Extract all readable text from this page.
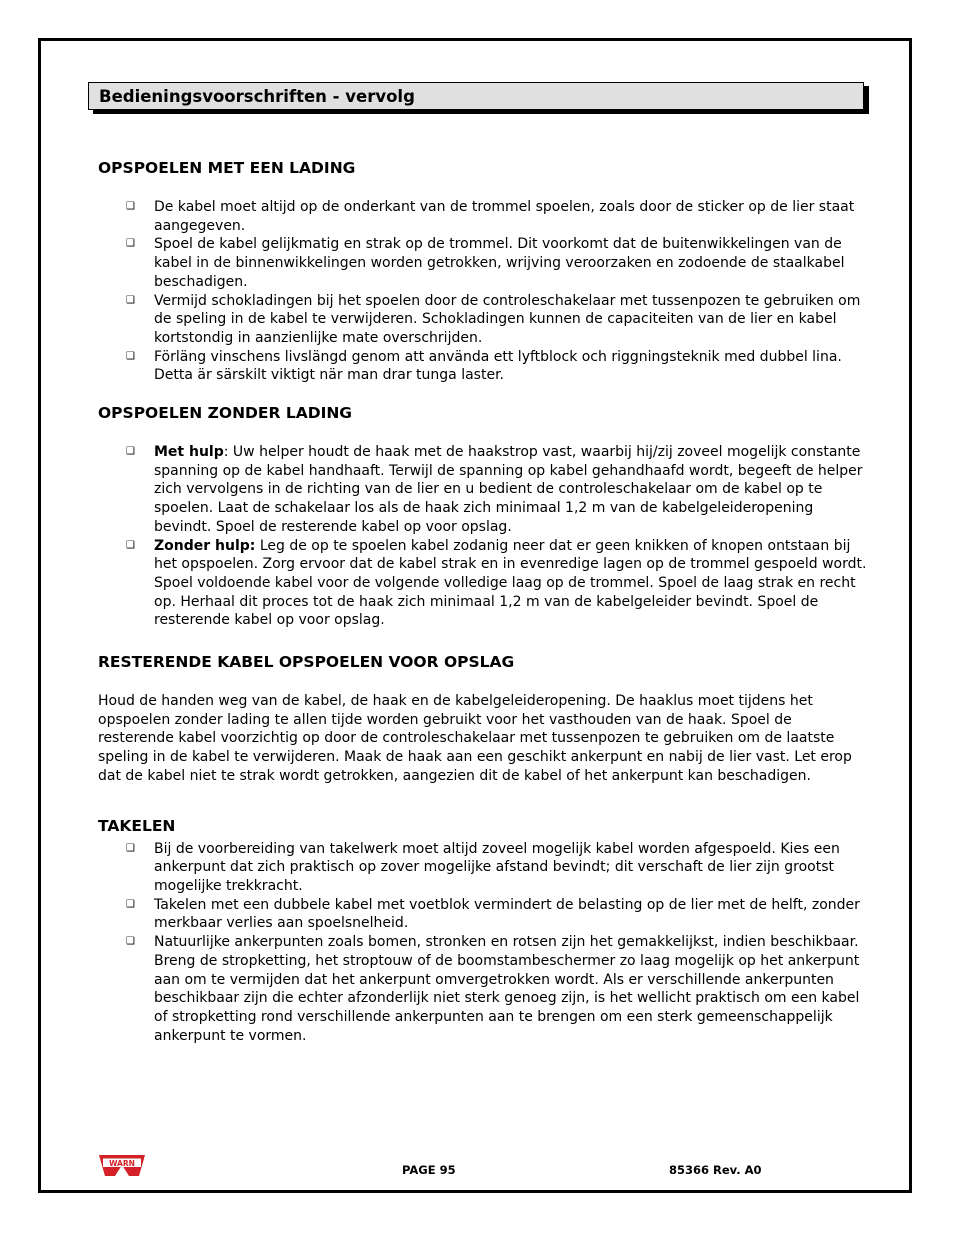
Bedieningsvoorschriften - vervolg
OPSPOELEN MET EEN LADING
❑ De kabel moet altijd op de onderkant van de trommel spoelen, zoals door de sticker op de lier staat aangegeven.
❑ Spoel de kabel gelijkmatig en strak op de trommel. Dit voorkomt dat de buitenwikkelingen van de kabel in de binnenwikkelingen worden getrokken, wrijving veroorzaken en zodoende de staalkabel beschadigen.
❑ Vermijd schokladingen bij het spoelen door de controleschakelaar met tussenpozen te gebruiken om de speling in de kabel te verwijderen. Schokladingen kunnen de capaciteiten van de lier en kabel kortstondig in aanzienlijke mate overschrijden.
❑ Förläng vinschens livslängd genom att använda ett lyftblock och riggningsteknik med dubbel lina. Detta är särskilt viktigt när man drar tunga laster.
OPSPOELEN ZONDER LADING
❑ Met hulp: Uw helper houdt de haak met de haakstrop vast, waarbij hij/zij zoveel mogelijk constante spanning op de kabel handhaaft. Terwijl de spanning op kabel gehandhaafd wordt, begeeft de helper zich vervolgens in de richting van de lier en u bedient de controleschakelaar om de kabel op te spoelen. Laat de schakelaar los als de haak zich minimaal 1,2 m van de kabelgeleideropening bevindt. Spoel de resterende kabel op voor opslag.
❑ Zonder hulp: Leg de op te spoelen kabel zodanig neer dat er geen knikken of knopen ontstaan bij het opspoelen. Zorg ervoor dat de kabel strak en in evenredige lagen op de trommel gespoeld wordt. Spoel voldoende kabel voor de volgende volledige laag op de trommel. Spoel de laag strak en recht op. Herhaal dit proces tot de haak zich minimaal 1,2 m van de kabelgeleider bevindt. Spoel de resterende kabel op voor opslag.
RESTERENDE KABEL OPSPOELEN VOOR OPSLAG

Houd de handen weg van de kabel, de haak en de kabelgeleideropening. De haaklus moet tijdens het opspoelen zonder lading te allen tijde worden gebruikt voor het vasthouden van de haak. Spoel de resterende kabel voorzichtig op door de controleschakelaar met tussenpozen te gebruiken om de laatste speling in de kabel te verwijderen. Maak de haak aan een geschikt ankerpunt en nabij de lier vast. Let erop dat de kabel niet te strak wordt getrokken, aangezien dit de kabel of het ankerpunt kan beschadigen.

TAKELEN
❑ Bij de voorbereiding van takelwerk moet altijd zoveel mogelijk kabel worden afgespoeld. Kies een ankerpunt dat zich praktisch op zover mogelijke afstand bevindt; dit verschaft de lier zijn grootst mogelijke trekkracht.
❑ Takelen met een dubbele kabel met voetblok vermindert de belasting op de lier met de helft, zonder merkbaar verlies aan spoelsnelheid.
❑ Natuurlijke ankerpunten zoals bomen, stronken en rotsen zijn het gemakkelijkst, indien beschikbaar. Breng de stropketting, het stroptouw of de boomstambeschermer zo laag mogelijk op het ankerpunt aan om te vermijden dat het ankerpunt omvergetrokken wordt. Als er verschillende ankerpunten beschikbaar zijn die echter afzonderlijk niet sterk genoeg zijn, is het wellicht praktisch om een kabel of stropketting rond verschillende ankerpunten aan te brengen om een sterk gemeenschappelijk ankerpunt te vormen.
WARN	PAGE 95	85366 Rev. A0
